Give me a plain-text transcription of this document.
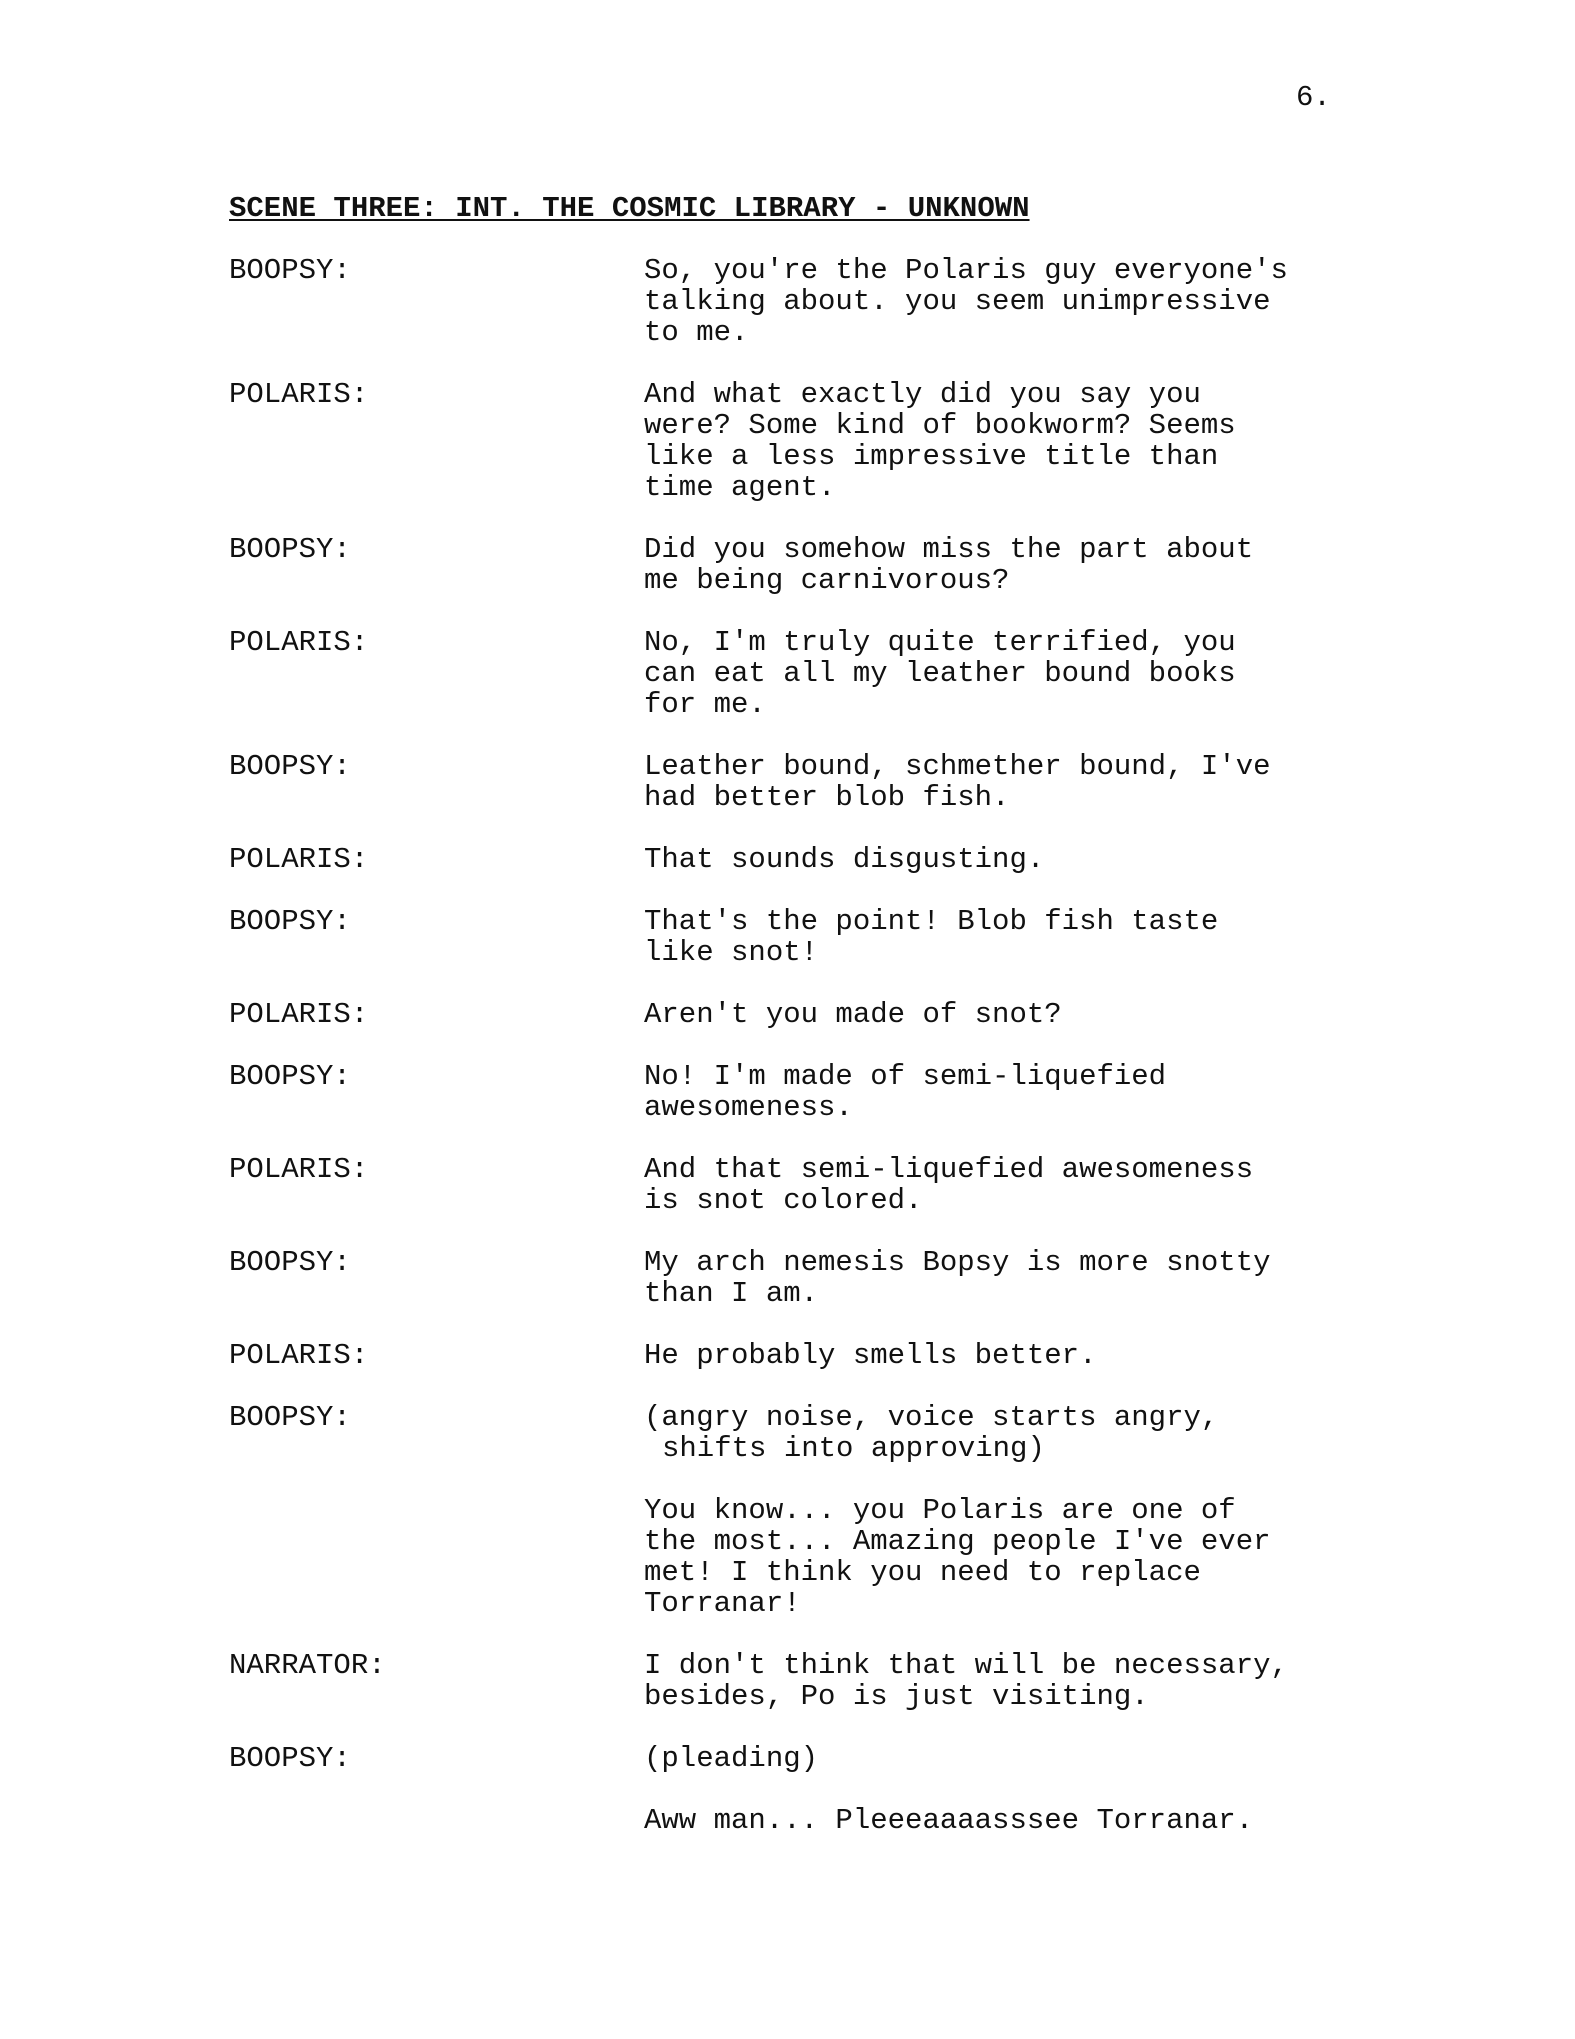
6.
SCENE THREE: INT. THE COSMIC LIBRARY - UNKNOWN
BOOPSY:	So, you're the Polaris guy everyone's
talking about. you seem unimpressive
to me.
POLARIS:	And what exactly did you say you
were? Some kind of bookworm? Seems
like a less impressive title than
time agent.
BOOPSY:	Did you somehow miss the part about
me being carnivorous?
POLARIS:	No, I'm truly quite terrified, you
can eat all my leather bound books
for me.
BOOPSY:	Leather bound, schmether bound, I've
had better blob fish.
POLARIS:	That sounds disgusting.
BOOPSY:	That's the point! Blob fish taste
like snot!
POLARIS:	Aren't you made of snot?
BOOPSY:	No! I'm made of semi-liquefied
awesomeness.
POLARIS:	And that semi-liquefied awesomeness
is snot colored.
BOOPSY:	My arch nemesis Bopsy is more snotty
than I am.
POLARIS:	He probably smells better.
BOOPSY:	(angry noise, voice starts angry,
shifts into approving)
You know... you Polaris are one of
the most... Amazing people I've ever
met! I think you need to replace
Torranar!
NARRATOR:	I don't think that will be necessary,
besides, Po is just visiting.
BOOPSY:	(pleading)
Aww man... Pleeeaaaasssee Torranar.
